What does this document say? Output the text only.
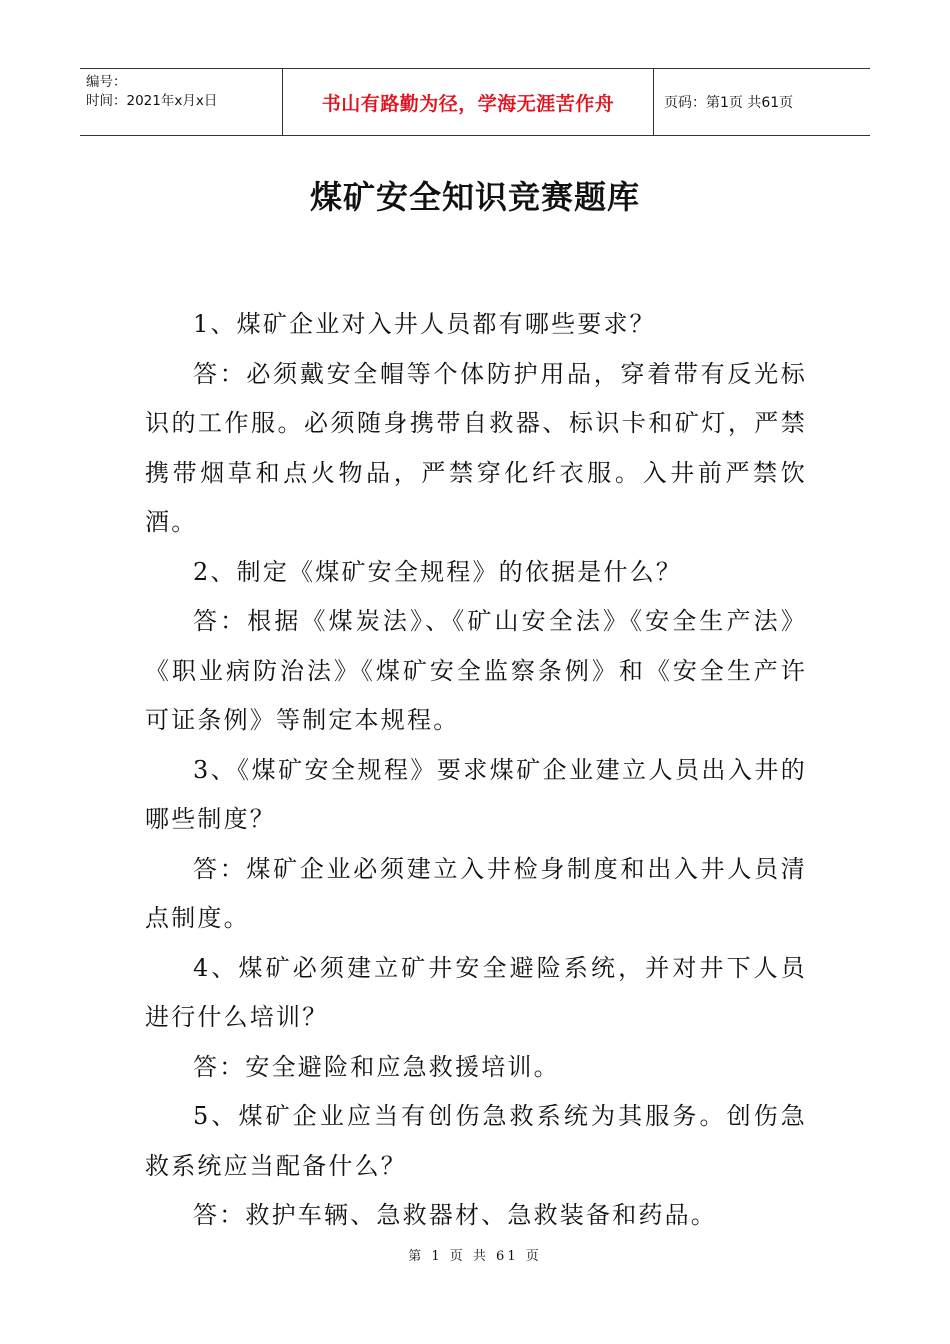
编号：
时间：2021年x月x日	书山有路勤为径，学海无涯苦作舟	页码：第1页 共61页
煤矿安全知识竞赛题库

1、煤矿企业对入井人员都有哪些要求？

答：必须戴安全帽等个体防护用品，穿着带有反光标识的工作服。必须随身携带自救器、标识卡和矿灯，严禁携带烟草和点火物品，严禁穿化纤衣服。入井前严禁饮酒。

2、制定《煤矿安全规程》的依据是什么？

答：根据《煤炭法》、《矿山安全法》《安全生产法》《职业病防治法》《煤矿安全监察条例》和《安全生产许可证条例》等制定本规程。

3、《煤矿安全规程》要求煤矿企业建立人员出入井的哪些制度？

答：煤矿企业必须建立入井检身制度和出入井人员清点制度。

4、煤矿必须建立矿井安全避险系统，并对井下人员进行什么培训？

答：安全避险和应急救援培训。

5、煤矿企业应当有创伤急救系统为其服务。创伤急救系统应当配备什么？

答：救护车辆、急救器材、急救装备和药品。

第 1 页 共 61 页
